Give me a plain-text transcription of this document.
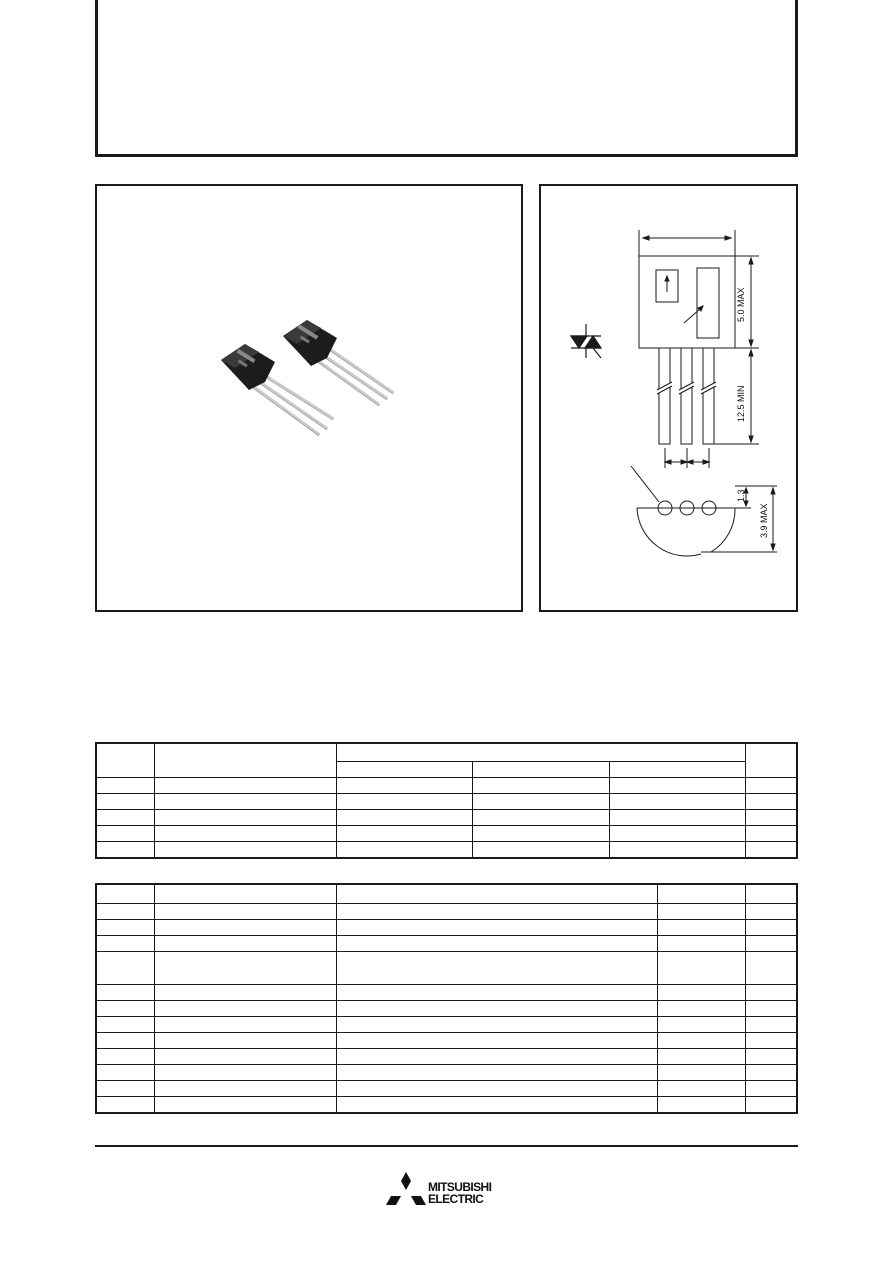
5.0 MAX
12.5 MIN
1.3
3.9 MAX

MITSUBISHI
ELECTRIC
